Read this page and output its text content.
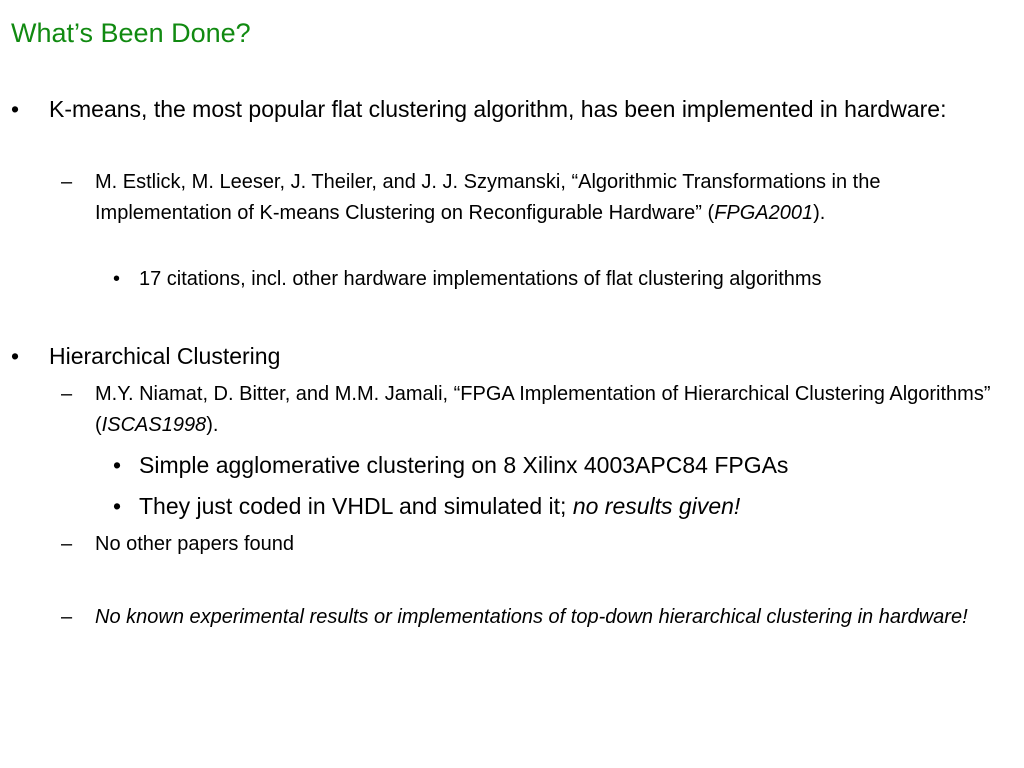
What’s Been Done?
• K-means, the most popular flat clustering algorithm, has been implemented in hardware:
– M. Estlick, M. Leeser, J. Theiler, and J. J. Szymanski, “Algorithmic Transformations in the Implementation of K-means Clustering on Reconfigurable Hardware” (FPGA2001).
• 17 citations, incl. other hardware implementations of flat clustering algorithms
• Hierarchical Clustering
– M.Y. Niamat, D. Bitter, and M.M. Jamali, “FPGA Implementation of Hierarchical Clustering Algorithms” (ISCAS1998).
• Simple agglomerative clustering on 8 Xilinx 4003APC84 FPGAs
• They just coded in VHDL and simulated it; no results given!
– No other papers found
– No known experimental results or implementations of top-down hierarchical clustering in hardware!
